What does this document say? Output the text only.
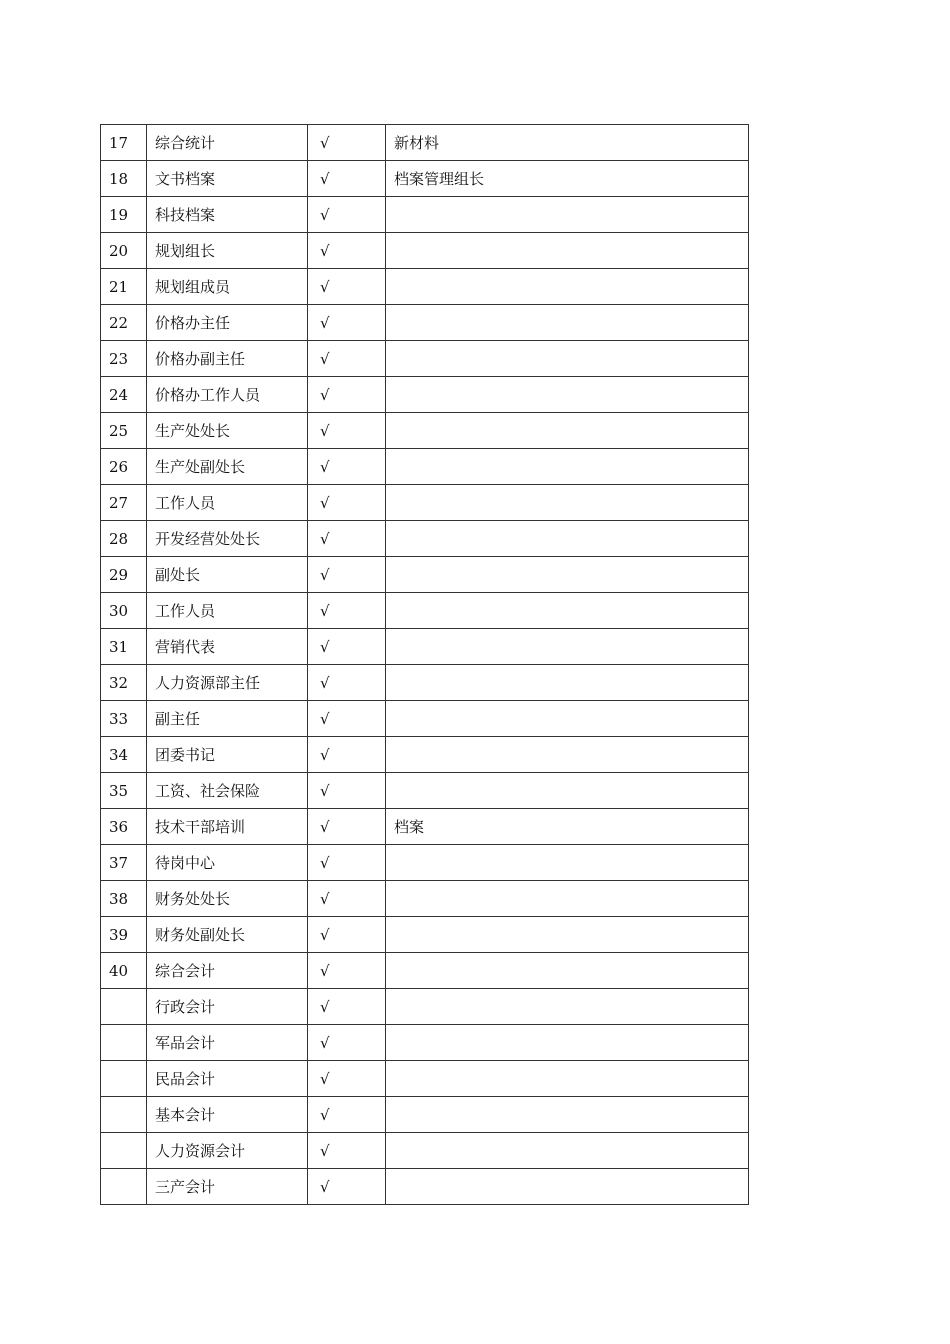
17	综合统计	√	新材料
18	文书档案	√	档案管理组长
19	科技档案	√	
20	规划组长	√	
21	规划组成员	√	
22	价格办主任	√	
23	价格办副主任	√	
24	价格办工作人员	√	
25	生产处处长	√	
26	生产处副处长	√	
27	工作人员	√	
28	开发经营处处长	√	
29	副处长	√	
30	工作人员	√	
31	营销代表	√	
32	人力资源部主任	√	
33	副主任	√	
34	团委书记	√	
35	工资、社会保险	√	
36	技术干部培训	√	档案
37	待岗中心	√	
38	财务处处长	√	
39	财务处副处长	√	
40	综合会计	√	
	行政会计	√	
	军品会计	√	
	民品会计	√	
	基本会计	√	
	人力资源会计	√	
	三产会计	√	
